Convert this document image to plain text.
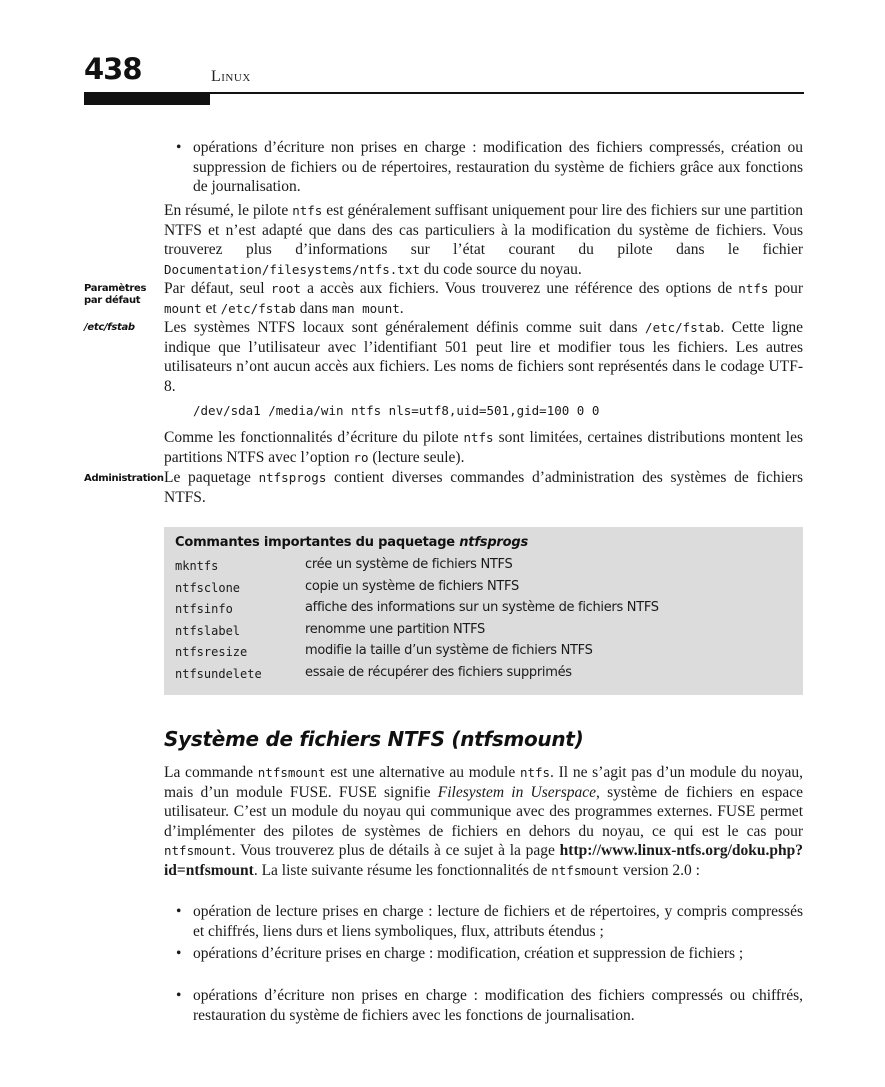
438	Linux
• opérations d’écriture non prises en charge : modification des fichiers compressés, création ou suppression de fichiers ou de répertoires, restauration du système de fichiers grâce aux fonctions de journalisation.

En résumé, le pilote ntfs est généralement suffisant uniquement pour lire des fichiers sur une partition NTFS et n’est adapté que dans des cas particuliers à la modification du système de fichiers. Vous trouverez plus d’informations sur l’état courant du pilote dans le fichier Documentation/filesystems/ntfs.txt du code source du noyau.

Paramètres par défaut

Par défaut, seul root a accès aux fichiers. Vous trouverez une référence des options de ntfs pour mount et /etc/fstab dans man mount.

/etc/fstab	Les systèmes NTFS locaux sont généralement définis comme suit dans /etc/fstab. Cette ligne indique que l’utilisateur avec l’identifiant 501 peut lire et modifier tous les fichiers. Les autres utilisateurs n’ont aucun accès aux fichiers. Les noms de fichiers sont représentés dans le codage UTF-8.

/dev/sda1 /media/win ntfs nls=utf8,uid=501,gid=100 0 0

Comme les fonctionnalités d’écriture du pilote ntfs sont limitées, certaines distributions montent les partitions NTFS avec l’option ro (lecture seule).

Administration Le paquetage ntfsprogs contient diverses commandes d’administration des systèmes de fichiers NTFS.

Commantes importantes du paquetage ntfsprogs
mkntfs	crée un système de fichiers NTFS
ntfsclone	copie un système de fichiers NTFS
ntfsinfo	affiche des informations sur un système de fichiers NTFS
ntfslabel	renomme une partition NTFS
ntfsresize	modifie la taille d’un système de fichiers NTFS
ntfsundelete	essaie de récupérer des fichiers supprimés
Système de fichiers NTFS (ntfsmount)

La commande ntfsmount est une alternative au module ntfs. Il ne s’agit pas d’un module du noyau, mais d’un module FUSE. FUSE signifie Filesystem in Userspace, système de fichiers en espace utilisateur. C’est un module du noyau qui communique avec des programmes externes. FUSE permet d’implémenter des pilotes de systèmes de fichiers en dehors du noyau, ce qui est le cas pour ntfsmount. Vous trouverez plus de détails à ce sujet à la page http://www.linux-ntfs.org/doku.php?id=ntfsmount. La liste suivante résume les fonctionnalités de ntfsmount version 2.0 :

• opération de lecture prises en charge : lecture de fichiers et de répertoires, y compris compressés et chiffrés, liens durs et liens symboliques, flux, attributs étendus ;
• opérations d’écriture prises en charge : modification, création et suppression de fichiers ;
• opérations d’écriture non prises en charge : modification des fichiers compressés ou chiffrés, restauration du système de fichiers avec les fonctions de journalisation.
